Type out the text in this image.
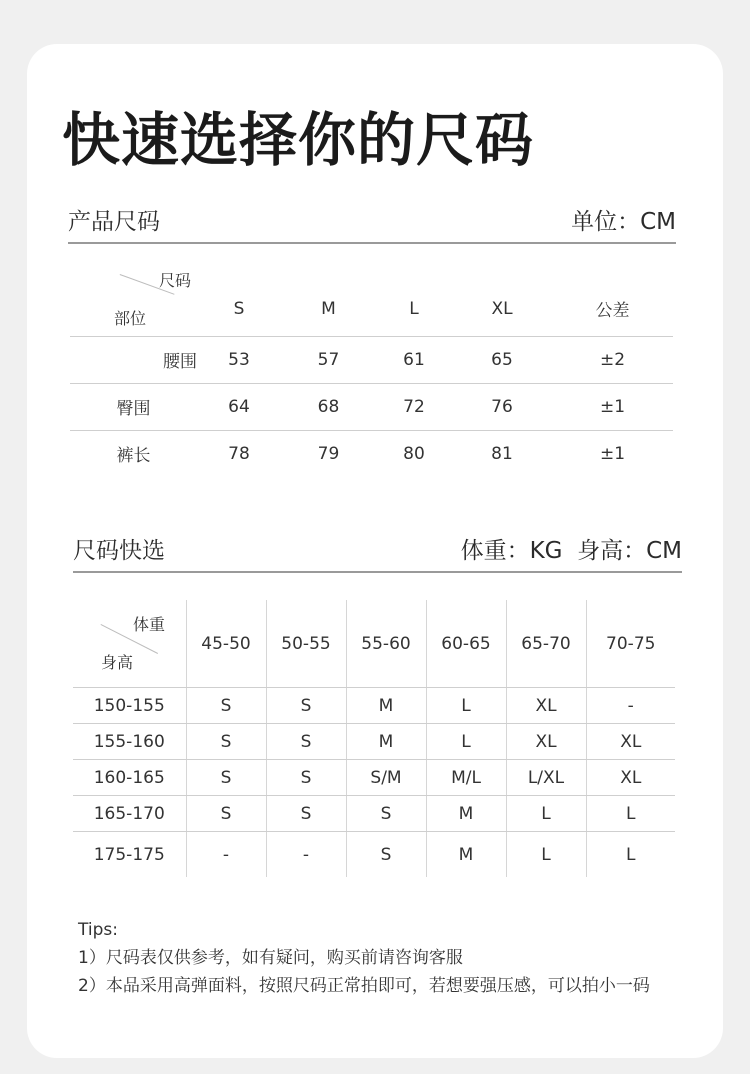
快速选择你的尺码
产品尺码	单位：CM
尺码
部位	S	M	L	XL	公差
腰围	53	57	61	65	±2
臀围	64	68	72	76	±1
裤长	78	79	80	81	±1
尺码快选	体重：KG  身高：CM
体重
身高	45-50	50-55	55-60	60-65	65-70	70-75
150-155	S	S	M	L	XL	-
155-160	S	S	M	L	XL	XL
160-165	S	S	S/M	M/L	L/XL	XL
165-170	S	S	S	M	L	L
175-175	-	-	S	M	L	L
Tips:
1）尺码表仅供参考，如有疑问，购买前请咨询客服
2）本品采用高弹面料，按照尺码正常拍即可，若想要强压感，可以拍小一码
